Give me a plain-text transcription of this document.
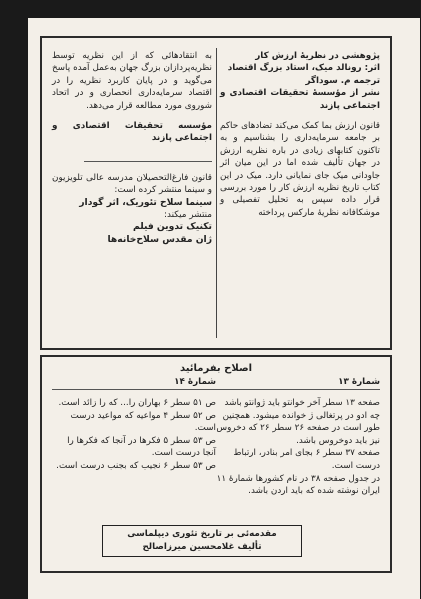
پژوهشی در نظریهٔ ارزش کار
اثر: رونالد میک، استاد بزرگ اقتصاد
ترجمه م. سوداگر
نشر از مؤسسهٔ تحقیقات اقتصادی و اجتماعی پازند
قانون ارزش بما کمک می‌کند تضادهای حاکم بر جامعه سرمایه‌داری را بشناسیم و به تاکنون کتابهای زیادی در باره نظریه ارزش در جهان تألیف شده اما در این میان اثر جاودانی میک جای نمایانی دارد. میک در این کتاب تاریخ نظریه ارزش کار را مورد بررسی قرار داده سپس به تحلیل تفصیلی و موشکافانه نظریهٔ مارکس پرداخته
به انتقادهائی که از این نظریه توسط نظریه‌پردازان بزرگ جهان به‌عمل آمده پاسخ می‌گوید و در پایان کاربرد نظریه را در اقتصاد سرمایه‌داری انحصاری و در اتحاد شوروی مورد مطالعه قرار می‌دهد.
مؤسسه تحقیقات اقتصادی و اجتماعی پازند
قانون فارغ‌التحصیلان مدرسه عالی تلویزیون و سینما منتشر کرده است:
سینما سلاح تئوریک، اثر گودار
منتشر میکند:
تکنیک تدوین فیلم
ژان مقدس سلاح‌خانه‌ها
اصلاح بفرمائید
شمارهٔ ۱۳
شمارهٔ ۱۴
صفحه ۱۳ سطر آخر خوانتو باید ژوانتو باشد چه ادو در پرتغالی ژ خوانده میشود. همچنین طور است در صفحه ۲۶ سطر ۲۶ که دخروس نیز باید دوخروس باشد.
صفحه ۳۷ سطر ۶ بجای امر بنادر، ارتباط درست است.
در جدول صفحه ۳۸ در نام کشورها شمارهٔ ۱۱ ایران نوشته شده که باید اردن باشد.
ص ۵۱ سطر ۶ بهاران را... که را زائد است.
ص ۵۲ سطر ۴ مواعیه که مواعید درست است.
ص ۵۳ سطر ۵ فکرها در آنجا که فکرها را آنجا درست است.
ص ۵۳ سطر ۶ نجیب که بجنب درست است.
مقدمه‌ئی بر تاریخ تئوری دیپلماسی
تألیف غلامحسین میرزاصالح
